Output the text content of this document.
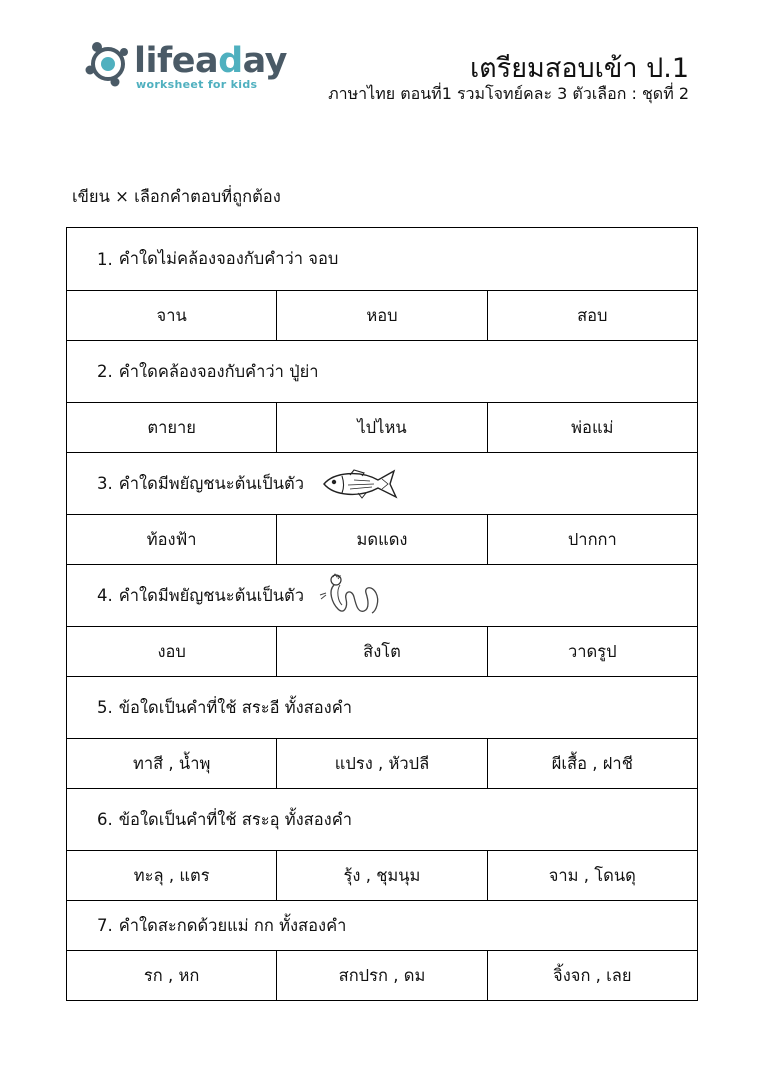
lifeaday
worksheet for kids
เตรียมสอบเข้า ป.1
ภาษาไทย ตอนที่1 รวมโจทย์คละ 3 ตัวเลือก : ชุดที่ 2
เขียน × เลือกคำตอบที่ถูกต้อง
1. คำใดไม่คล้องจองกับคำว่า จอบ
จาน	หอบ	สอบ
2. คำใดคล้องจองกับคำว่า ปู่ย่า
ตายาย	ไปไหน	พ่อแม่
3. คำใดมีพยัญชนะต้นเป็นตัว
ท้องฟ้า	มดแดง	ปากกา
4. คำใดมีพยัญชนะต้นเป็นตัว
งอบ	สิงโต	วาดรูป
5. ข้อใดเป็นคำที่ใช้ สระอี ทั้งสองคำ
ทาสี , น้ำพุ	แปรง , หัวปลี	ผีเสื้อ , ฝาชี
6. ข้อใดเป็นคำที่ใช้ สระอุ ทั้งสองคำ
ทะลุ , แตร	รุ้ง , ชุมนุม	จาม , โดนดุ
7. คำใดสะกดด้วยแม่ กก ทั้งสองคำ
รก , หก	สกปรก , ดม	จิ้งจก , เลย
